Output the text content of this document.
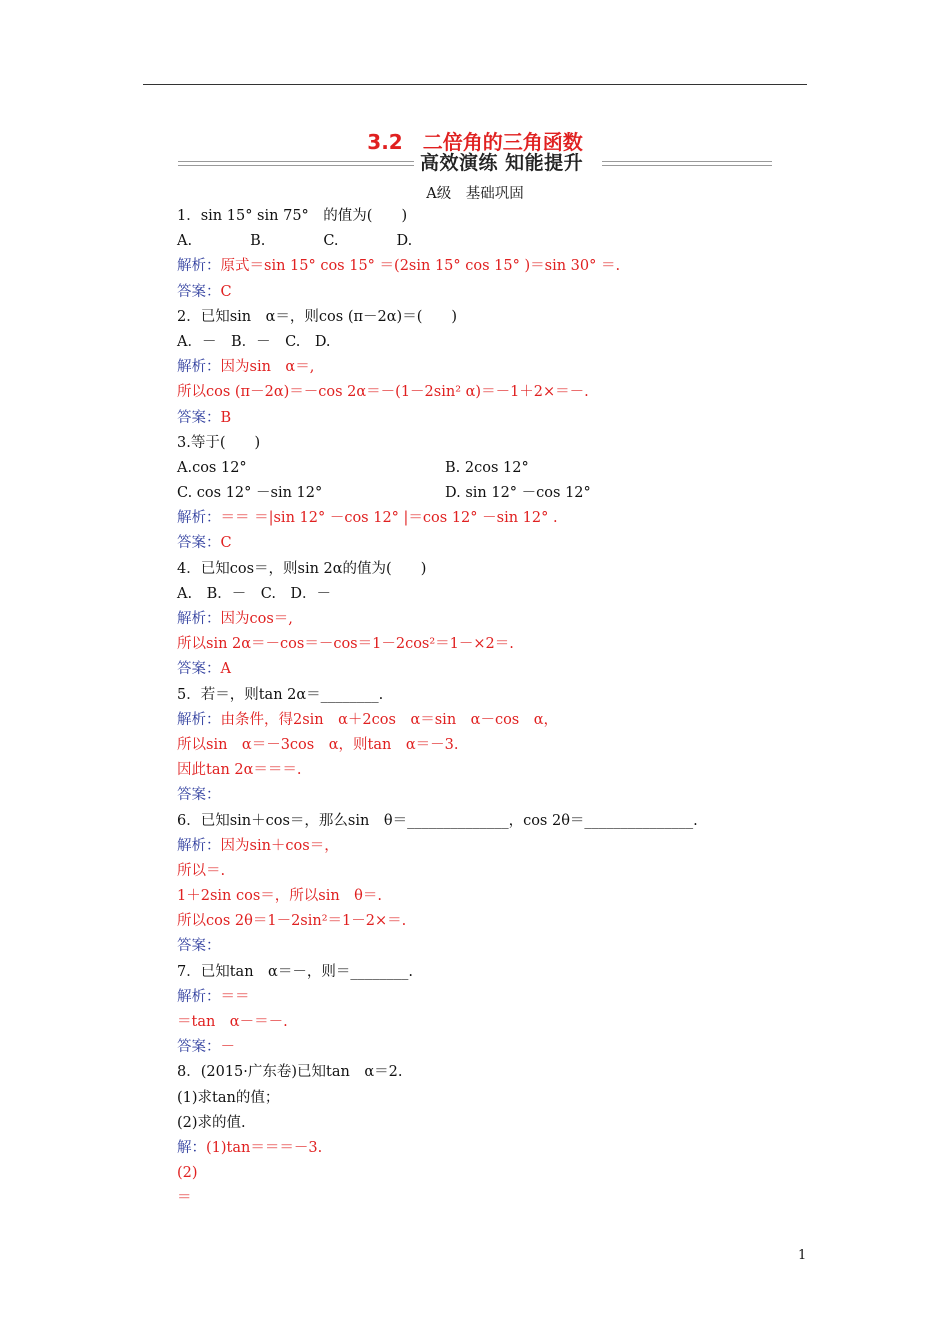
3.2　二倍角的三角函数
高效演练 知能提升
A级　基础巩固
1．sin 15° sin 75°　的值为(　　)
A.　　　　B.　　　　C.　　　　D.
解析：原式＝sin 15° cos 15° ＝(2sin 15° cos 15° )＝sin 30° ＝.
答案：C
2．已知sin　α＝，则cos (π－2α)＝(　　)
A．－　B．－　C.　D.
解析：因为sin　α＝,
所以cos (π－2α)＝－cos 2α＝－(1－2sin² α)＝－1＋2×＝－.
答案：B
3.等于(　　)
A.cos 12°	B. 2cos 12°
C. cos 12° －sin 12°	D. sin 12° －cos 12°
解析：＝＝ ＝|sin 12° －cos 12° |＝cos 12° －sin 12° .
答案：C
4．已知cos＝，则sin 2α的值为(　　)
A.　B．－　C.　D．－
解析：因为cos＝,
所以sin 2α＝－cos＝－cos＝1－2cos²＝1－×2＝.
答案：A
5．若＝，则tan 2α＝________.
解析：由条件，得2sin　α＋2cos　α＝sin　α－cos　α，
所以sin　α＝－3cos　α，则tan　α＝－3.
因此tan 2α＝＝＝.
答案：
6．已知sin＋cos＝，那么sin　θ＝______________，cos 2θ＝_______________.
解析：因为sin＋cos＝，
所以＝.
1＋2sin cos＝，所以sin　θ＝.
所以cos 2θ＝1－2sin²＝1－2×＝.
答案：
7．已知tan　α＝－，则＝________.
解析：＝＝
＝tan　α－＝－.
答案：－
8．(2015·广东卷)已知tan　α＝2.
(1)求tan的值；
(2)求的值.
解：(1)tan＝＝＝－3.
(2)
＝
1
